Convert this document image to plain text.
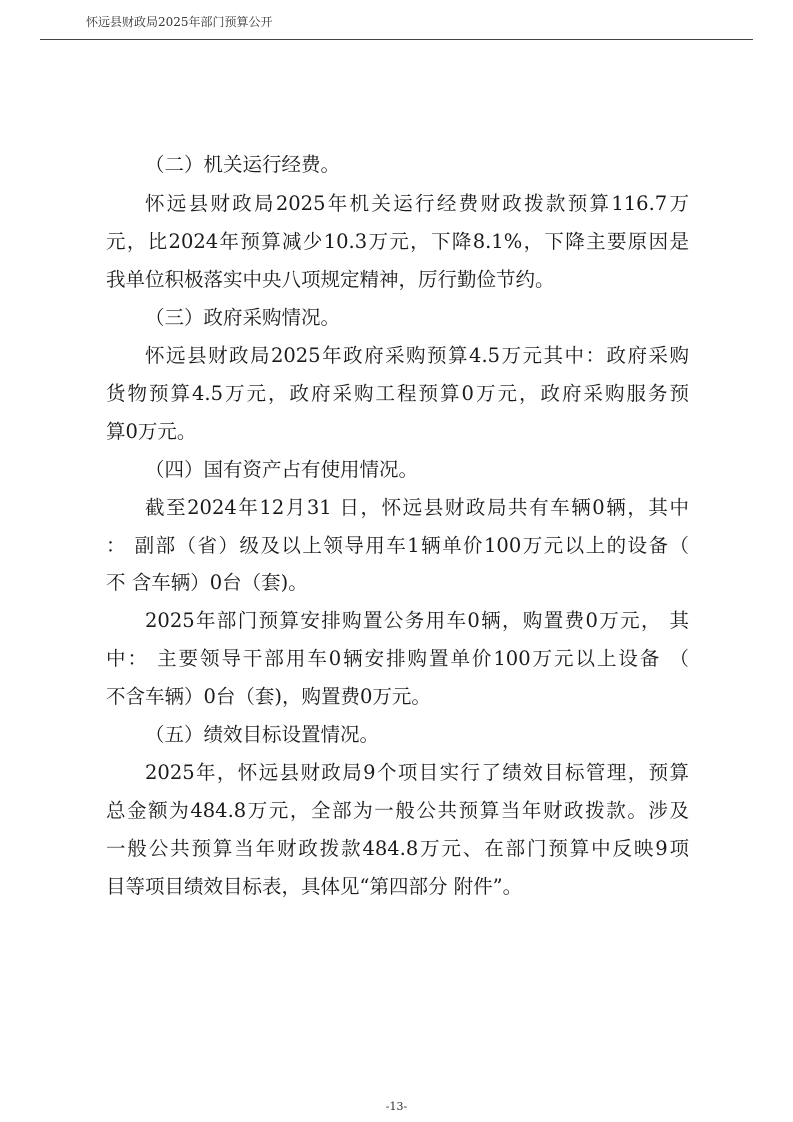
怀远县财政局2025年部门预算公开
（二）机关运行经费。
怀远县财政局2025年机关运行经费财政拨款预算116.7万
元，比2024年预算减少10.3万元，下降8.1%，下降主要原因是
我单位积极落实中央八项规定精神，厉行勤俭节约。
（三）政府采购情况。
怀远县财政局2025年政府采购预算4.5万元其中：政府采购
货物预算4.5万元，政府采购工程预算0万元，政府采购服务预
算0万元。
（四）国有资产占有使用情况。
截至2024年12月31 日，怀远县财政局共有车辆0辆，其中
： 副部（省）级及以上领导用车1辆单价100万元以上的设备（
不 含车辆）0台（套)。
2025年部门预算安排购置公务用车0辆，购置费0万元， 其
中： 主要领导干部用车0辆安排购置单价100万元以上设备 （
不含车辆）0台（套)，购置费0万元。
（五）绩效目标设置情况。
2025年，怀远县财政局9个项目实行了绩效目标管理，预算
总金额为484.8万元，全部为一般公共预算当年财政拨款。涉及
一般公共预算当年财政拨款484.8万元、在部门预算中反映9项
目等项目绩效目标表，具体见“第四部分 附件”。
-13-
